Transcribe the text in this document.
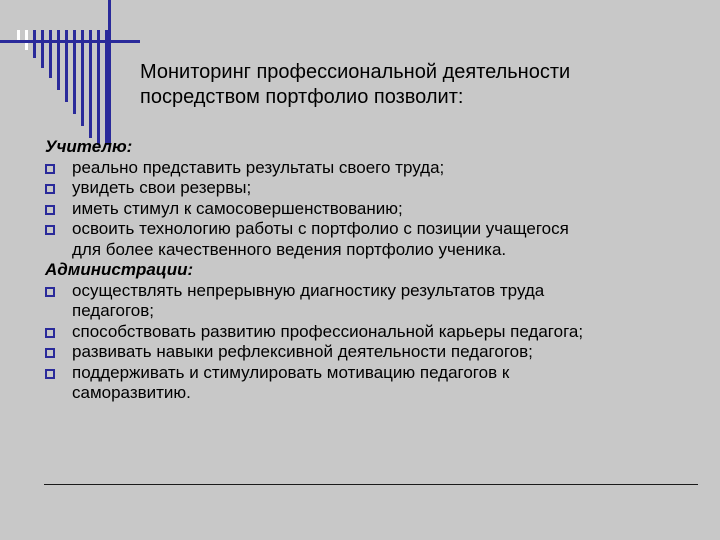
Мониторинг профессиональной деятельности
посредством портфолио позволит:
Учителю:
реально представить результаты своего труда;
увидеть свои резервы;
иметь стимул к самосовершенствованию;
освоить технологию работы с портфолио с позиции учащегося
для более качественного ведения портфолио ученика.
Администрации:
осуществлять непрерывную диагностику результатов труда
педагогов;
способствовать развитию профессиональной карьеры педагога;
развивать навыки рефлексивной деятельности педагогов;
поддерживать и стимулировать мотивацию педагогов к
саморазвитию.
